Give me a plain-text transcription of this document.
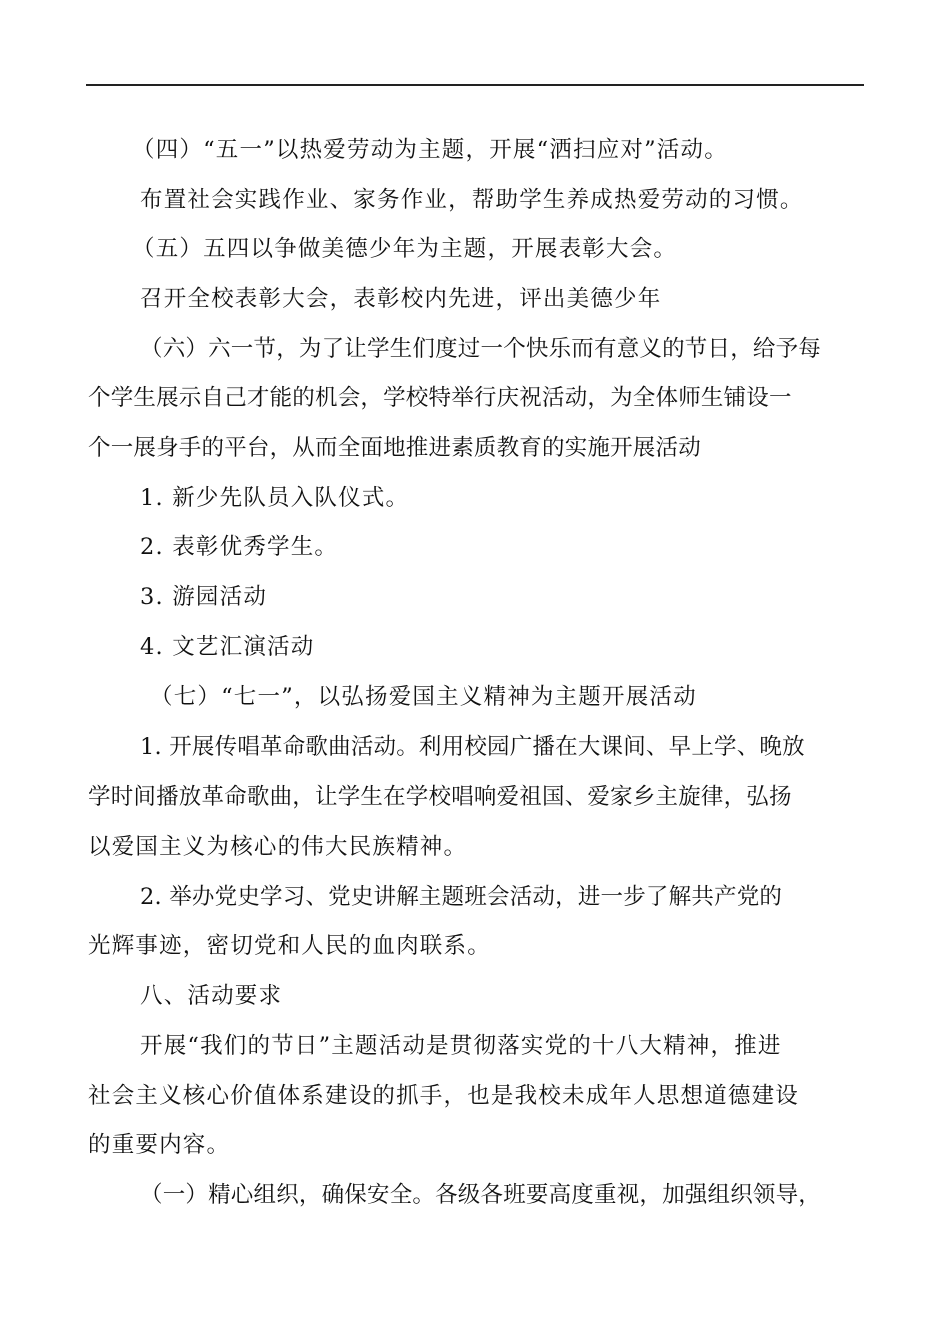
（四）“五一”以热爱劳动为主题，开展“洒扫应对”活动。
布置社会实践作业、家务作业，帮助学生养成热爱劳动的习惯。
（五）五四以争做美德少年为主题，开展表彰大会。
召开全校表彰大会，表彰校内先进，评出美德少年
（六）六一节，为了让学生们度过一个快乐而有意义的节日，给予每
个学生展示自己才能的机会，学校特举行庆祝活动，为全体师生铺设一
个一展身手的平台，从而全面地推进素质教育的实施开展活动
1. 新少先队员入队仪式。
2. 表彰优秀学生。
3. 游园活动
4. 文艺汇演活动
（七）“七一”，以弘扬爱国主义精神为主题开展活动
1. 开展传唱革命歌曲活动。利用校园广播在大课间、早上学、晚放
学时间播放革命歌曲，让学生在学校唱响爱祖国、爱家乡主旋律，弘扬
以爱国主义为核心的伟大民族精神。
2. 举办党史学习、党史讲解主题班会活动，进一步了解共产党的
光辉事迹，密切党和人民的血肉联系。
八、活动要求
开展“我们的节日”主题活动是贯彻落实党的十八大精神，推进
社会主义核心价值体系建设的抓手，也是我校未成年人思想道德建设
的重要内容。
（一）精心组织，确保安全。各级各班要高度重视，加强组织领导，
